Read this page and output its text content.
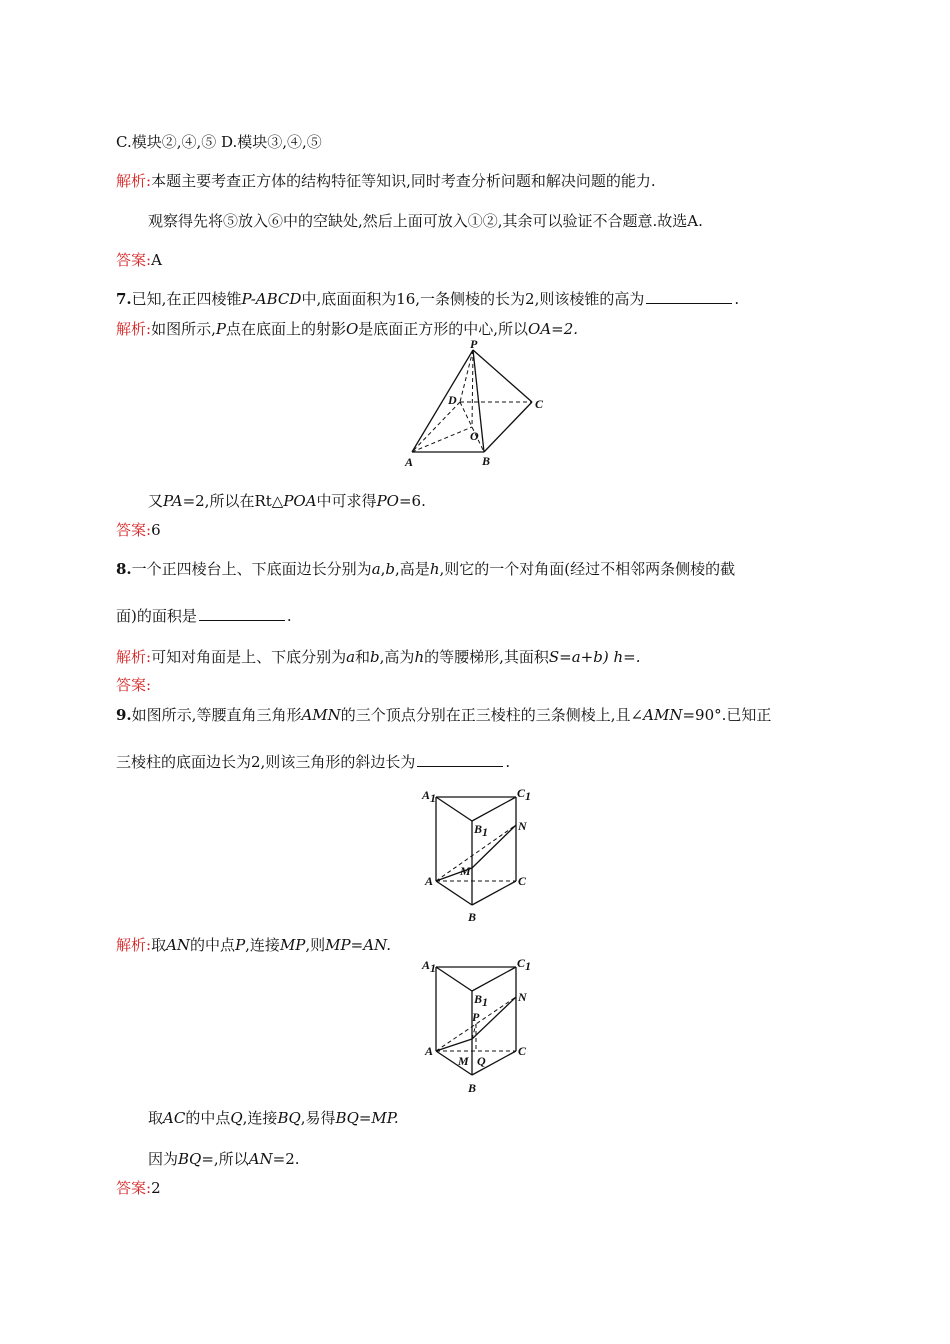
C.模块②,④,⑤ D.模块③,④,⑤
解析:本题主要考查正方体的结构特征等知识,同时考查分析问题和解决问题的能力.
观察得先将⑤放入⑥中的空缺处,然后上面可放入①②,其余可以验证不合题意.故选A.
答案:A
7.已知,在正四棱锥P-ABCD中,底面面积为16,一条侧棱的长为2,则该棱锥的高为	.
解析:如图所示,P点在底面上的射影O是底面正方形的中心,所以OA=2.
P
D	C
O
A	B
又PA=2,所以在Rt△POA中可求得PO=6.
答案:6
8.一个正四棱台上、下底面边长分别为a,b,高是h,则它的一个对角面(经过不相邻两条侧棱的截
面)的面积是	.
解析:可知对角面是上、下底分别为a和b,高为h的等腰梯形,其面积S=a+b) h=.
答案:
9.如图所示,等腰直角三角形AMN的三个顶点分别在正三棱柱的三条侧棱上,且∠AMN=90°.已知正
三棱柱的底面边长为2,则该三角形的斜边长为	.
A1	C1
B1 N
M
A	C
B
解析:取AN的中点P,连接MP,则MP=AN.
A1	C1
B1 N
P
M Q
A	C
B
取AC的中点Q,连接BQ,易得BQ=MP.
因为BQ=,所以AN=2.
答案:2
